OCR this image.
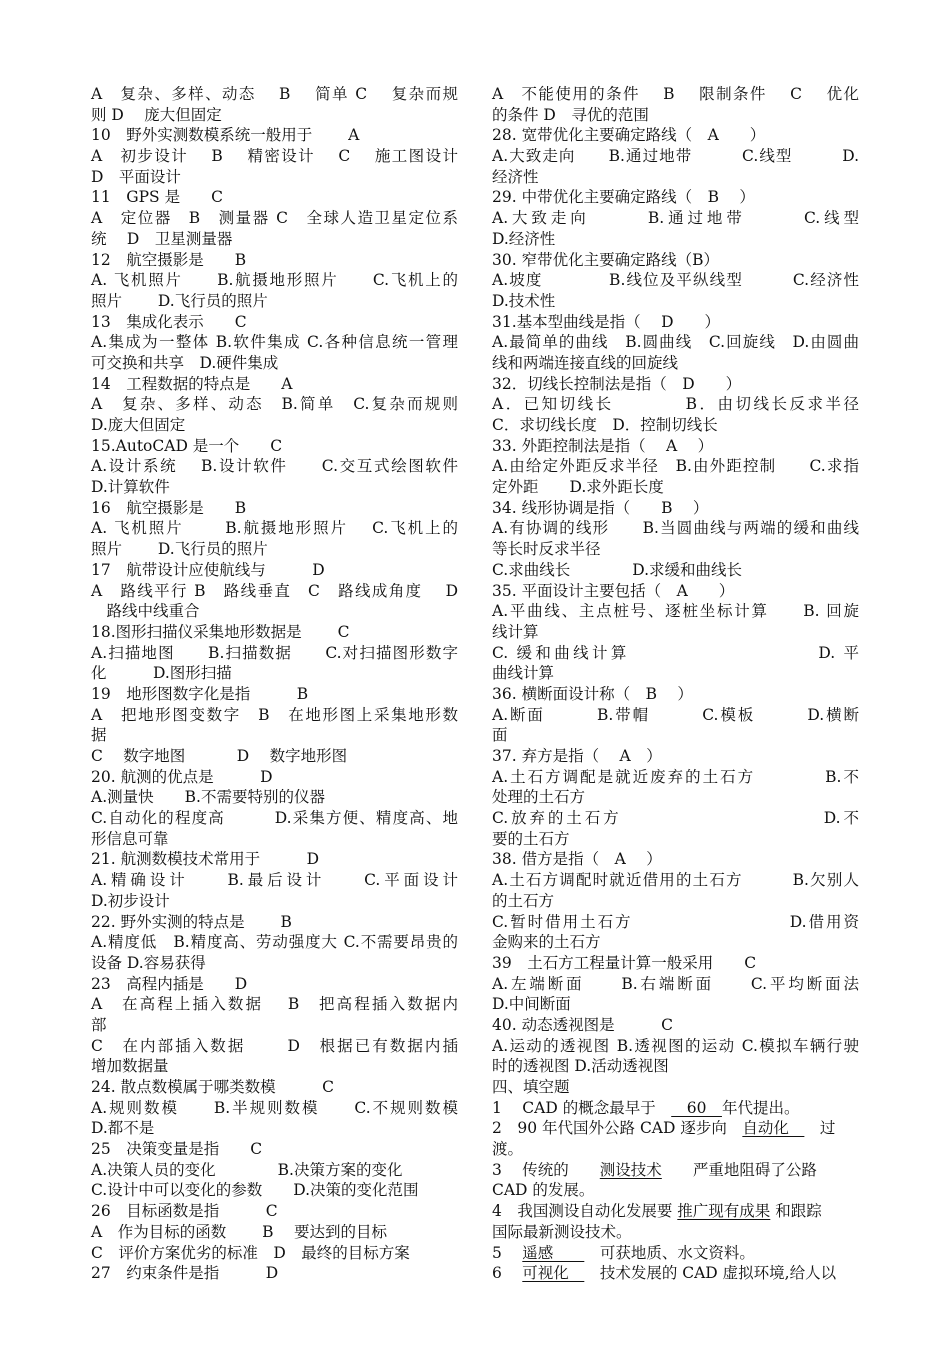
A　复杂、多样、动态　 B　 简单 C　 复杂而规
则 D　 庞大但固定
10　野外实测数模系统一般用于　　 A
A　初步设计　 B　 精密设计　 C　 施工图设计
D　平面设计
11　GPS 是　　C
A　定位器　B　测量器 C　全球人造卫星定位系
统　 D　卫星测量器
12　航空摄影是　　B
A. 飞机照片　　B.航摄地形照片　　C.飞机上的
照片　　 D.飞行员的照片
13　集成化表示　　C
A.集成为一整体 B.软件集成 C.各种信息统一管理
可交换和共享　D.硬件集成
14　工程数据的特点是　　A
A　复杂、多样、动态　B.简单　C.复杂而规则
D.庞大但固定
15.AutoCAD 是一个　　C
A.设计系统　 B.设计软件　　C.交互式绘图软件
D.计算软件
16　航空摄影是　　B
A. 飞机照片　　 B.航摄地形照片　 C.飞机上的
照片　　 D.飞行员的照片
17　航带设计应使航线与　　　D
A　路线平行 B　路线垂直　C　路线成角度　 D
　路线中线重合
18.图形扫描仪采集地形数据是　　 C
A.扫描地图　　B.扫描数据　　C.对扫描图形数字
化　　　D.图形扫描
19　地形图数字化是指　　　B
A　把地形图变数字　B　在地形图上采集地形数
据
C　 数字地图　　　 D　 数字地形图
20. 航测的优点是　　　D
A.测量快　　B.不需要特别的仪器
C.自动化的程度高　　　D.采集方便、精度高、地
形信息可靠
21. 航测数模技术常用于　　　D
A.精确设计　　B.最后设计　　C.平面设计
D.初步设计
22. 野外实测的特点是　　 B
A.精度低　B.精度高、劳动强度大 C.不需要昂贵的
设备 D.容易获得
23　高程内插是　　D
A　在高程上插入数据　 B　把高程插入数据内
部
C　在内部插入数据　　 D　根据已有数据内插
增加数据量
24. 散点数模属于哪类数模　　　C
A.规则数模　　B.半规则数模　　C.不规则数模
D.都不是
25　决策变量是指　　C
A.决策人员的变化　　　　B.决策方案的变化
C.设计中可以变化的参数　　D.决策的变化范围
26　目标函数是指　　　C
A　作为目标的函数　　 B　 要达到的目标
C　评价方案优劣的标准　D　最终的目标方案
27　约束条件是指　　　D
A　不能使用的条件　 B　 限制条件　 C　 优化
的条件 D　寻优的范围
28. 宽带优化主要确定路线（　A　　）
A.大致走向　　B.通过地带　　　C.线型　　　D.
经济性
29. 中带优化主要确定路线（　B　 ）
A.大致走向　　　B.通过地带　　　C.线型
D.经济性
30. 窄带优化主要确定路线（B）
A.坡度　　　　B.线位及平纵线型　　　C.经济性
D.技术性
31.基本型曲线是指（　 D　　）
A.最简单的曲线　B.圆曲线　C.回旋线　D.由圆曲
线和两端连接直线的回旋线
32．切线长控制法是指（　D　　）
A．已知切线长　　　　B．由切线长反求半径
C．求切线长度　D．控制切线长
33. 外距控制法是指（　 A　 ）
A.由给定外距反求半径　B.由外距控制　　C.求指
定外距　　D.求外距长度
34. 线形协调是指（　　B　 ）
A.有协调的线形　　B.当圆曲线与两端的缓和曲线
等长时反求半径
C.求曲线长　　　　D.求缓和曲线长
35. 平面设计主要包括（　A　　）
A.平曲线、主点桩号、逐桩坐标计算　　B. 回旋
线计算
C. 缓和曲线计算　　　　　　　　　　D. 平
曲线计算
36. 横断面设计称（　B　 ）
A.断面　　　B.带帽　　　C.模板　　　D.横断
面
37. 弃方是指（　 A　）
A.土石方调配是就近废弃的土石方　　　　B.不
处理的土石方
C.放弃的土石方　　　　　　　　　　　D.不
要的土石方
38. 借方是指（　A　 ）
A.土石方调配时就近借用的土石方　　　B.欠别人
的土石方
C.暂时借用土石方　　　　　　　　　D.借用资
金购来的土石方
39　土石方工程量计算一般采用　　C
A.左端断面　　B.右端断面　　C.平均断面法
D.中间断面
40. 动态透视图是　　　C
A.运动的透视图 B.透视图的运动 C.模拟车辆行驶
时的透视图 D.活动透视图
四、填空题
1　 CAD 的概念最早于　　60　年代提出。
2　90 年代国外公路 CAD 逐步向　自动化　　过
渡。
3　 传统的　　测设技术　　严重地阻碍了公路
CAD 的发展。
4　我国测设自动化发展要 推广现有成果 和跟踪
国际最新测设技术。
5　 遥感　　　可获地质、水文资料。
6　 可视化　　技术发展的 CAD 虚拟环境,给人以
